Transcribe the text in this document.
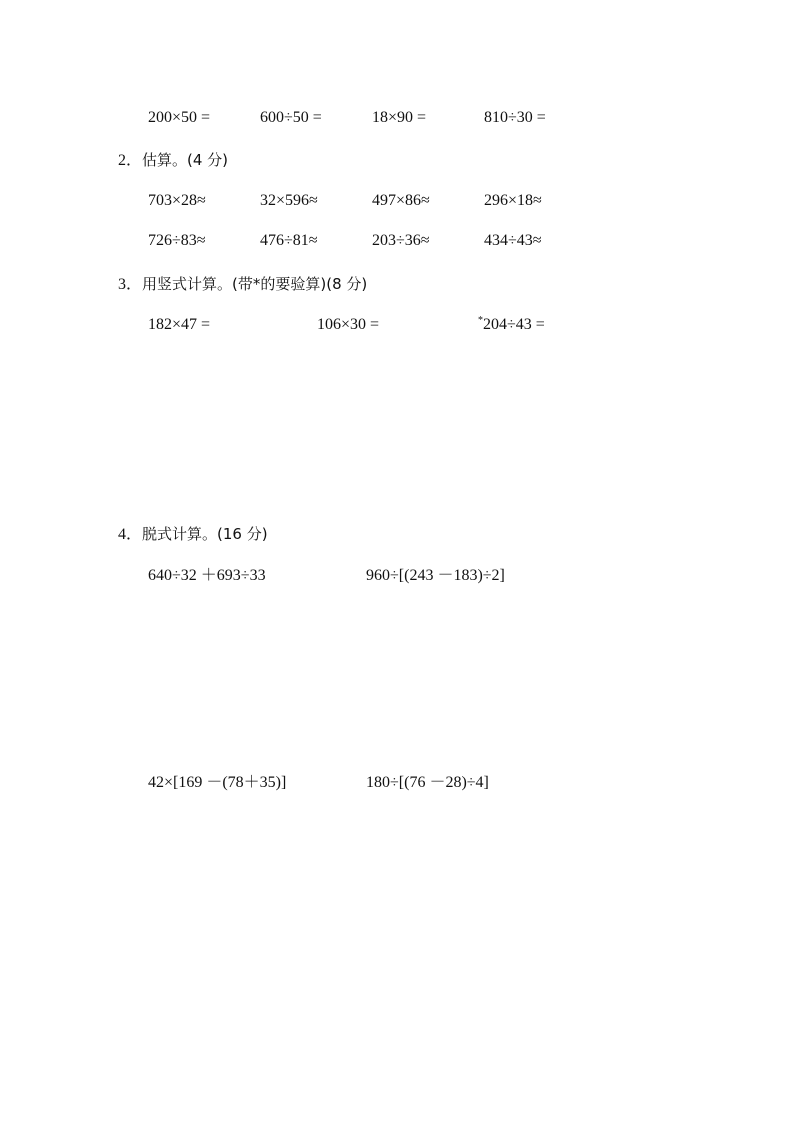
200×50 =	600÷50 =	18×90 =	810÷30 =
2．估算。(4 分)
703×28≈	32×596≈	497×86≈	296×18≈
726÷83≈	476÷81≈	203÷36≈	434÷43≈
3．用竖式计算。(带*的要验算)(8 分)
182×47 =	106×30 =	*204÷43 =
4．脱式计算。(16 分)
640÷32 ＋693÷33	960÷[(243 －183)÷2]
42×[169 －(78＋35)]	180÷[(76 －28)÷4]
